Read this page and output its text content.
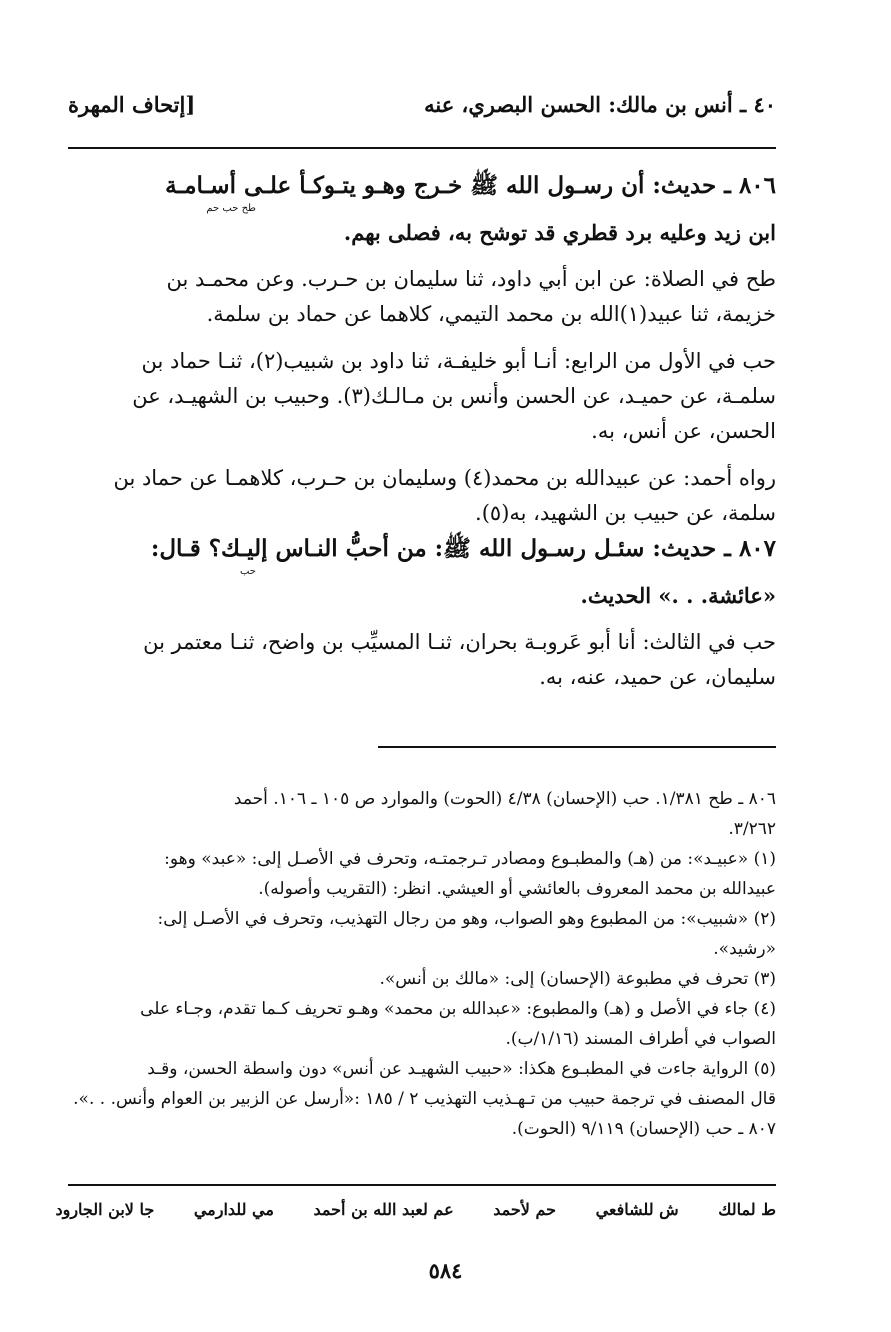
٤٠ ـ أنس بن مالك: الحسن البصري، عنه
[إتحاف المهرة
٨٠٦ ـ حديث: أن رسـول الله ﷺ خـرج وهـو يتـوكـأ علـى أسـامـة
طح حب حم
ابن زيد وعليه برد قطري قد توشح به، فصلى بهم.
طح في الصلاة: عن ابن أبي داود، ثنا سليمان بن حـرب. وعن محمـد بن
خزيمة، ثنا عبيد(١)الله بن محمد التيمي، كلاهما عن حماد بن سلمة.
حب في الأول من الرابع: أنـا أبو خليفـة، ثنا داود بن شبيب(٢)، ثنـا حماد بن
سلمـة، عن حميـد، عن الحسن وأنس بن مـالـك(٣). وحبيب بن الشهيـد، عن
الحسن، عن أنس، به.
رواه أحمد: عن عبيدالله بن محمد(٤) وسليمان بن حـرب، كلاهمـا عن حماد بن
سلمة، عن حبيب بن الشهيد، به(٥).
٨٠٧ ـ حديث: سئـل رسـول الله ﷺ: من أحبُّ النـاس إليـك؟ قـال:
حب
«عائشة. . .» الحديث.
حب في الثالث: أنا أبو عَروبـة بحران، ثنـا المسيِّب بن واضح، ثنـا معتمر بن
سليمان، عن حميد، عنه، به.
٨٠٦ ـ طح ١/٣٨١. حب (الإحسان) ٤/٣٨ (الحوت) والموارد ص ١٠٥ ـ ١٠٦. أحمد
٣/٢٦٢.
(١) «عبيـد»: من (هـ) والمطبـوع ومصادر تـرجمتـه، وتحرف في الأصـل إلى: «عبد» وهو:
عبيدالله بن محمد المعروف بالعائشي أو العيشي. انظر: (التقريب وأصوله).
(٢) «شبيب»: من المطبوع وهو الصواب، وهو من رجال التهذيب، وتحرف في الأصـل إلى:
«رشيد».
(٣) تحرف في مطبوعة (الإحسان) إلى: «مالك بن أنس».
(٤) جاء في الأصل و (هـ) والمطبوع: «عبدالله بن محمد» وهـو تحريف كـما تقدم، وجـاء على
الصواب في أطراف المسند (١/١٦/ب).
(٥) الرواية جاءت في المطبـوع هكذا: «حبيب الشهيـد عن أنس» دون واسطة الحسن، وقـد
قال المصنف في ترجمة حبيب من تـهـذيب التهذيب ٢ / ١٨٥ :«أرسل عن الزبير بن العوام وأنس. . .».
٨٠٧ ـ حب (الإحسان) ٩/١١٩ (الحوت).
ط لمالك ش للشافعي حم لأحمد عم لعبد الله بن أحمد مي للدارمي جا لابن الجارود
٥٨٤
